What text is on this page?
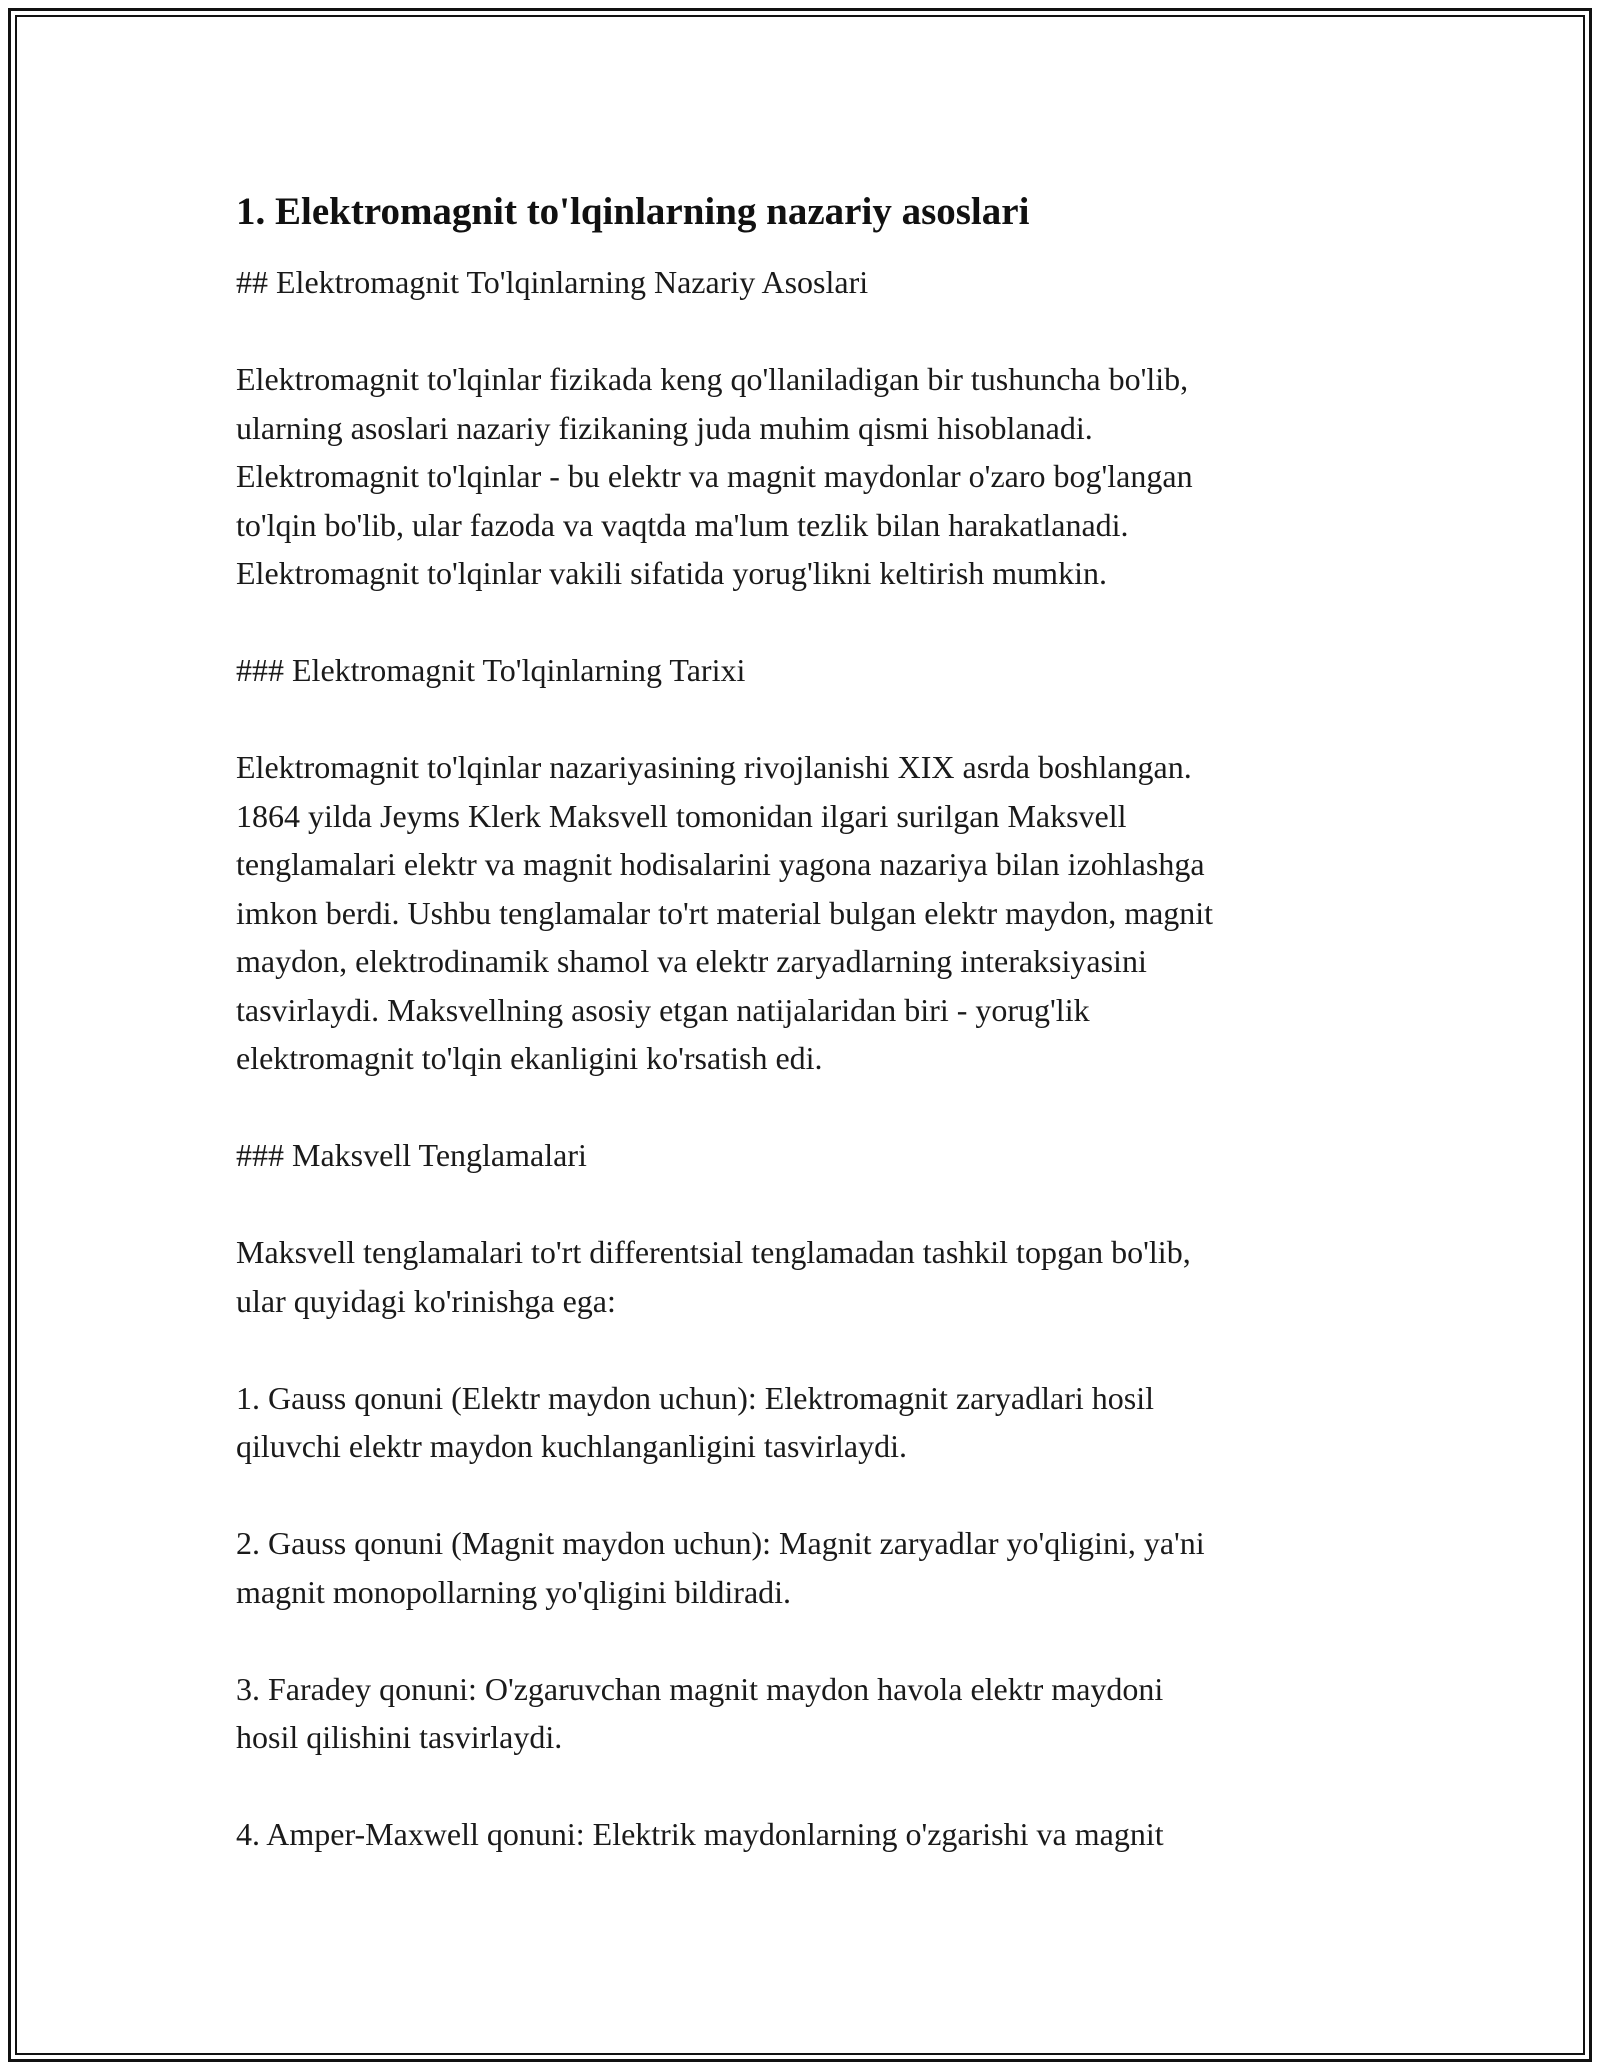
1. Elektromagnit to'lqinlarning nazariy asoslari

## Elektromagnit To'lqinlarning Nazariy Asoslari

Elektromagnit to'lqinlar fizikada keng qo'llaniladigan bir tushuncha bo'lib,
ularning asoslari nazariy fizikaning juda muhim qismi hisoblanadi.
Elektromagnit to'lqinlar - bu elektr va magnit maydonlar o'zaro bog'langan
to'lqin bo'lib, ular fazoda va vaqtda ma'lum tezlik bilan harakatlanadi.
Elektromagnit to'lqinlar vakili sifatida yorug'likni keltirish mumkin.

### Elektromagnit To'lqinlarning Tarixi

Elektromagnit to'lqinlar nazariyasining rivojlanishi XIX asrda boshlangan.
1864 yilda Jeyms Klerk Maksvell tomonidan ilgari surilgan Maksvell
tenglamalari elektr va magnit hodisalarini yagona nazariya bilan izohlashga
imkon berdi. Ushbu tenglamalar to'rt material bulgan elektr maydon, magnit
maydon, elektrodinamik shamol va elektr zaryadlarning interaksiyasini
tasvirlaydi. Maksvellning asosiy etgan natijalaridan biri - yorug'lik
elektromagnit to'lqin ekanligini ko'rsatish edi.

### Maksvell Tenglamalari

Maksvell tenglamalari to'rt differentsial tenglamadan tashkil topgan bo'lib,
ular quyidagi ko'rinishga ega:

1. Gauss qonuni (Elektr maydon uchun): Elektromagnit zaryadlari hosil
qiluvchi elektr maydon kuchlanganligini tasvirlaydi.

2. Gauss qonuni (Magnit maydon uchun): Magnit zaryadlar yo'qligini, ya'ni
magnit monopollarning yo'qligini bildiradi.

3. Faradey qonuni: O'zgaruvchan magnit maydon havola elektr maydoni
hosil qilishini tasvirlaydi.

4. Amper-Maxwell qonuni: Elektrik maydonlarning o'zgarishi va magnit
